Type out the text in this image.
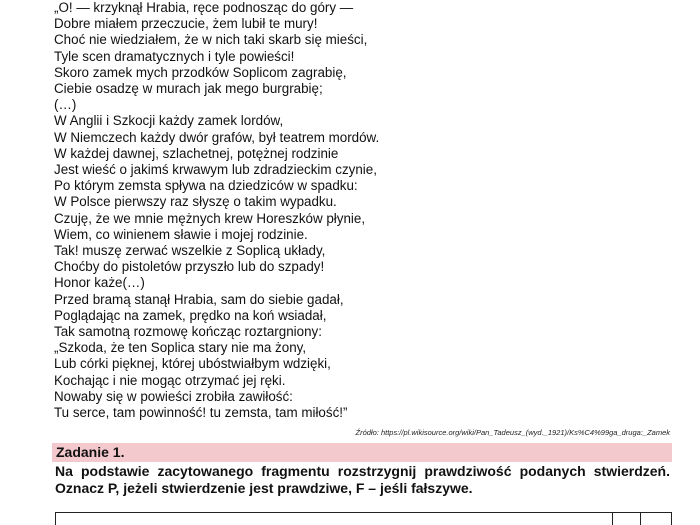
„O! — krzyknął Hrabia, ręce podnosząc do góry —
Dobre miałem przeczucie, żem lubił te mury!
Choć nie wiedziałem, że w nich taki skarb się mieści,
Tyle scen dramatycznych i tyle powieści!
Skoro zamek mych przodków Soplicom zagrabię,
Ciebie osadzę w murach jak mego burgrabię;
(…)
W Anglii i Szkocji każdy zamek lordów,
W Niemczech każdy dwór grafów, był teatrem mordów.
W każdej dawnej, szlachetnej, potężnej rodzinie
Jest wieść o jakimś krwawym lub zdradzieckim czynie,
Po którym zemsta spływa na dziedziców w spadku:
W Polsce pierwszy raz słyszę o takim wypadku.
Czuję, że we mnie mężnych krew Horeszków płynie,
Wiem, co winienem sławie i mojej rodzinie.
Tak! muszę zerwać wszelkie z Soplicą układy,
Choćby do pistoletów przyszło lub do szpady!
Honor każe(…)
Przed bramą stanął Hrabia, sam do siebie gadał,
Poglądając na zamek, prędko na koń wsiadał,
Tak samotną rozmowę kończąc roztargniony:
„Szkoda, że ten Soplica stary nie ma żony,
Lub córki pięknej, której ubóstwiałbym wdzięki,
Kochając i nie mogąc otrzymać jej ręki.
Nowaby się w powieści zrobiła zawiłość:
Tu serce, tam powinność! tu zemsta, tam miłość!”
Źródło: https://pl.wikisource.org/wiki/Pan_Tadeusz_(wyd._1921)/Ks%C4%99ga_druga:_Zamek
Zadanie 1.
Na podstawie zacytowanego fragmentu rozstrzygnij prawdziwość podanych stwierdzeń. Oznacz P, jeżeli stwierdzenie jest prawdziwe, F – jeśli fałszywe.
